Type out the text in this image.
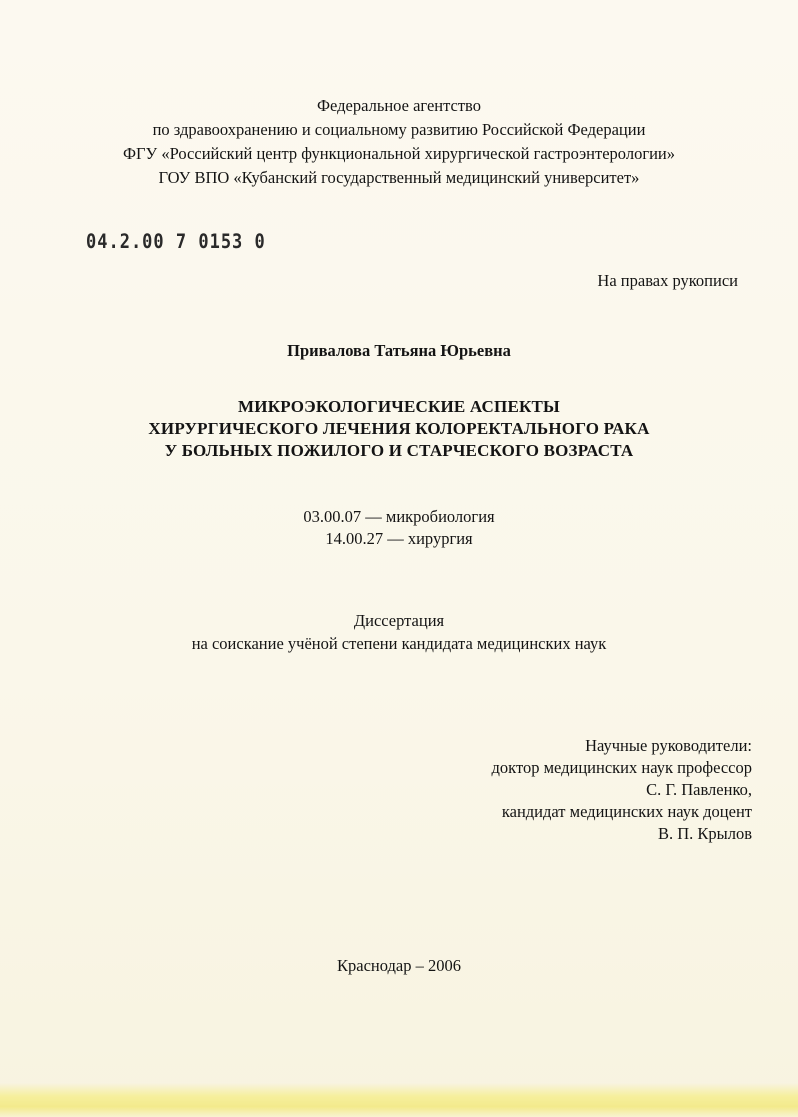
Федеральное агентство
по здравоохранению и социальному развитию Российской Федерации
ФГУ «Российский центр функциональной хирургической гастроэнтерологии»
ГОУ ВПО «Кубанский государственный медицинский университет»
04.2.00 7 0153 0
На правах рукописи
Привалова Татьяна Юрьевна
МИКРОЭКОЛОГИЧЕСКИЕ АСПЕКТЫ
ХИРУРГИЧЕСКОГО ЛЕЧЕНИЯ КОЛОРЕКТАЛЬНОГО РАКА
У БОЛЬНЫХ ПОЖИЛОГО И СТАРЧЕСКОГО ВОЗРАСТА
03.00.07 — микробиология
14.00.27 — хирургия
Диссертация
на соискание учёной степени кандидата медицинских наук
Научные руководители:
доктор медицинских наук профессор
С. Г. Павленко,
кандидат медицинских наук доцент
В. П. Крылов
Краснодар – 2006
